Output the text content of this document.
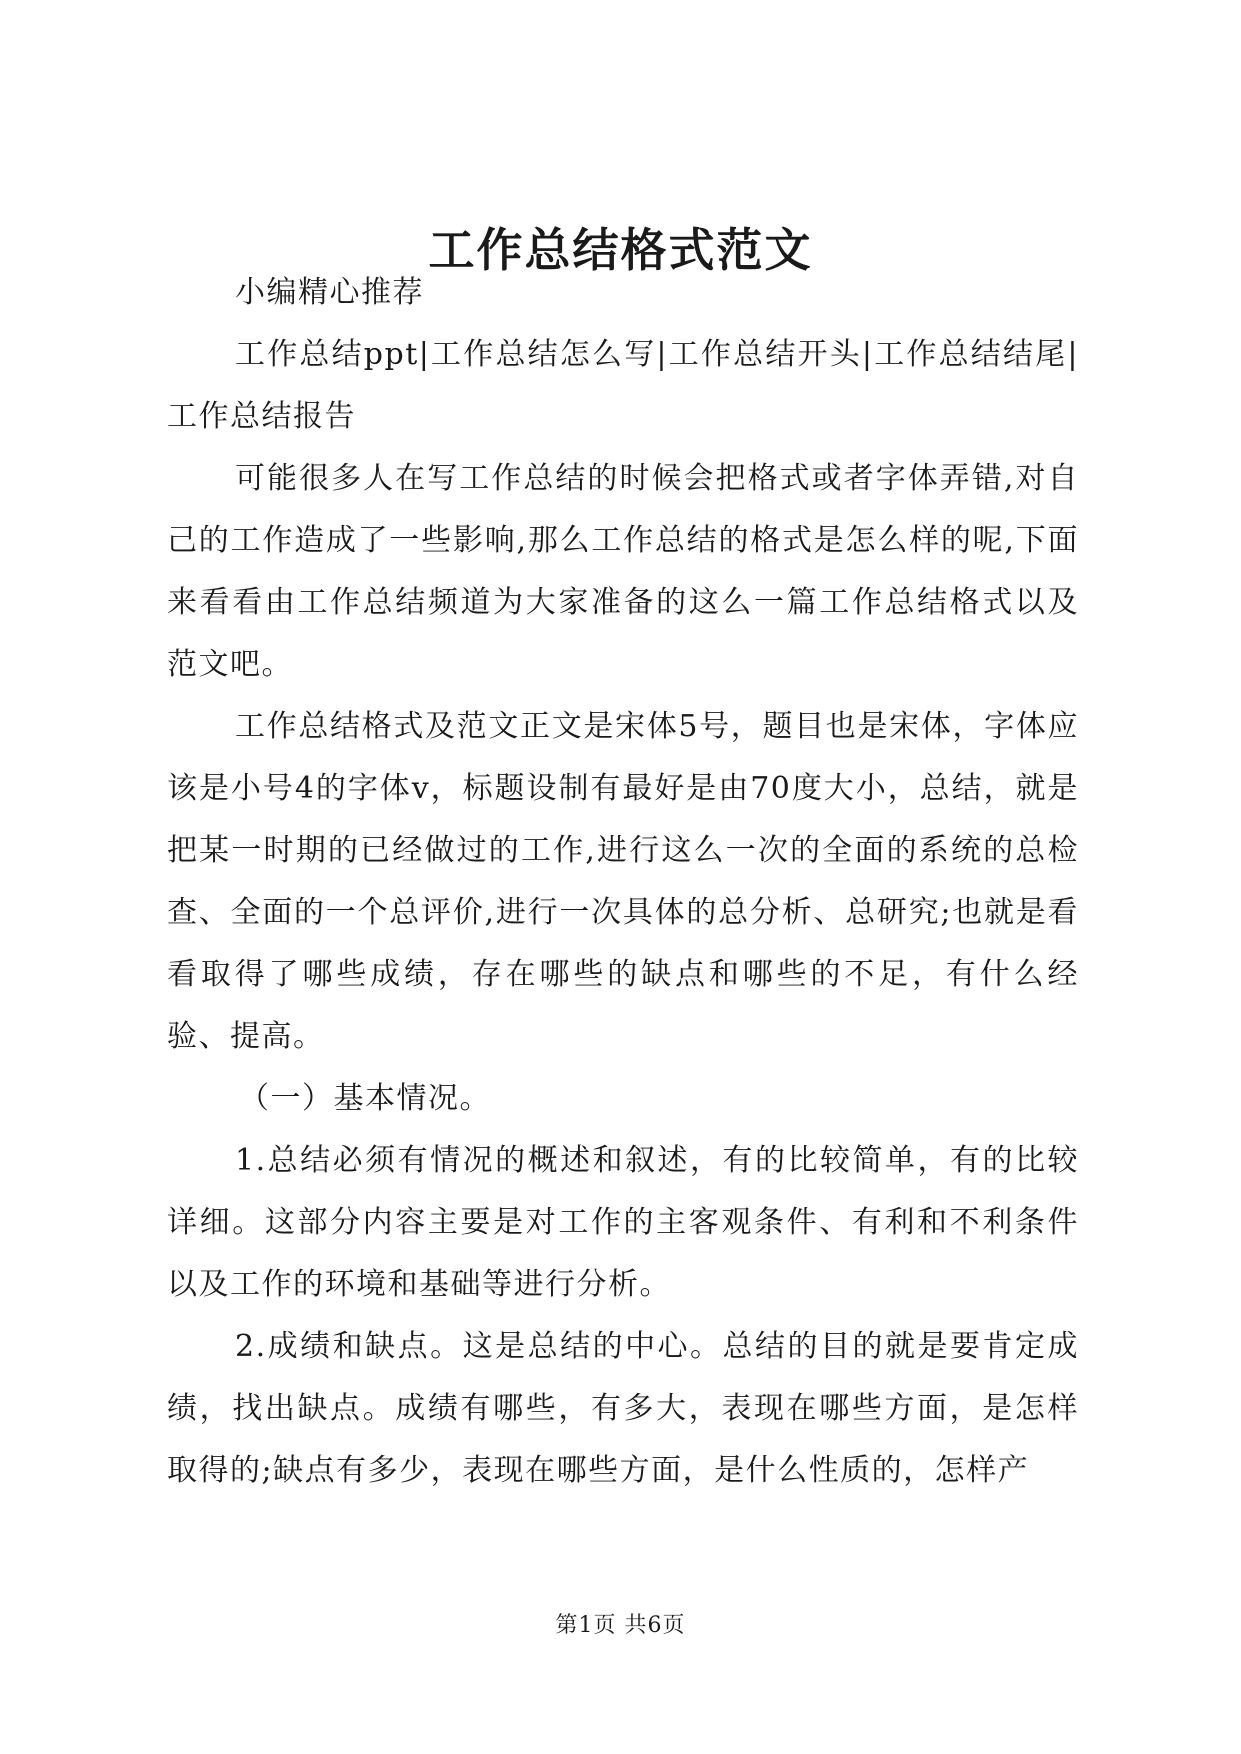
工作总结格式范文

小编精心推荐

工作总结ppt|工作总结怎么写|工作总结开头|工作总结结尾|工作总结报告

可能很多人在写工作总结的时候会把格式或者字体弄错,对自己的工作造成了一些影响,那么工作总结的格式是怎么样的呢,下面来看看由工作总结频道为大家准备的这么一篇工作总结格式以及范文吧。

工作总结格式及范文正文是宋体5号，题目也是宋体，字体应该是小号4的字体v，标题设制有最好是由70度大小，总结，就是把某一时期的已经做过的工作,进行这么一次的全面的系统的总检查、全面的一个总评价,进行一次具体的总分析、总研究;也就是看看取得了哪些成绩，存在哪些的缺点和哪些的不足，有什么经验、提高。

（一）基本情况。

1.总结必须有情况的概述和叙述，有的比较简单，有的比较详细。这部分内容主要是对工作的主客观条件、有利和不利条件以及工作的环境和基础等进行分析。

2.成绩和缺点。这是总结的中心。总结的目的就是要肯定成绩，找出缺点。成绩有哪些，有多大，表现在哪些方面，是怎样取得的;缺点有多少，表现在哪些方面，是什么性质的，怎样产

第1页 共6页
